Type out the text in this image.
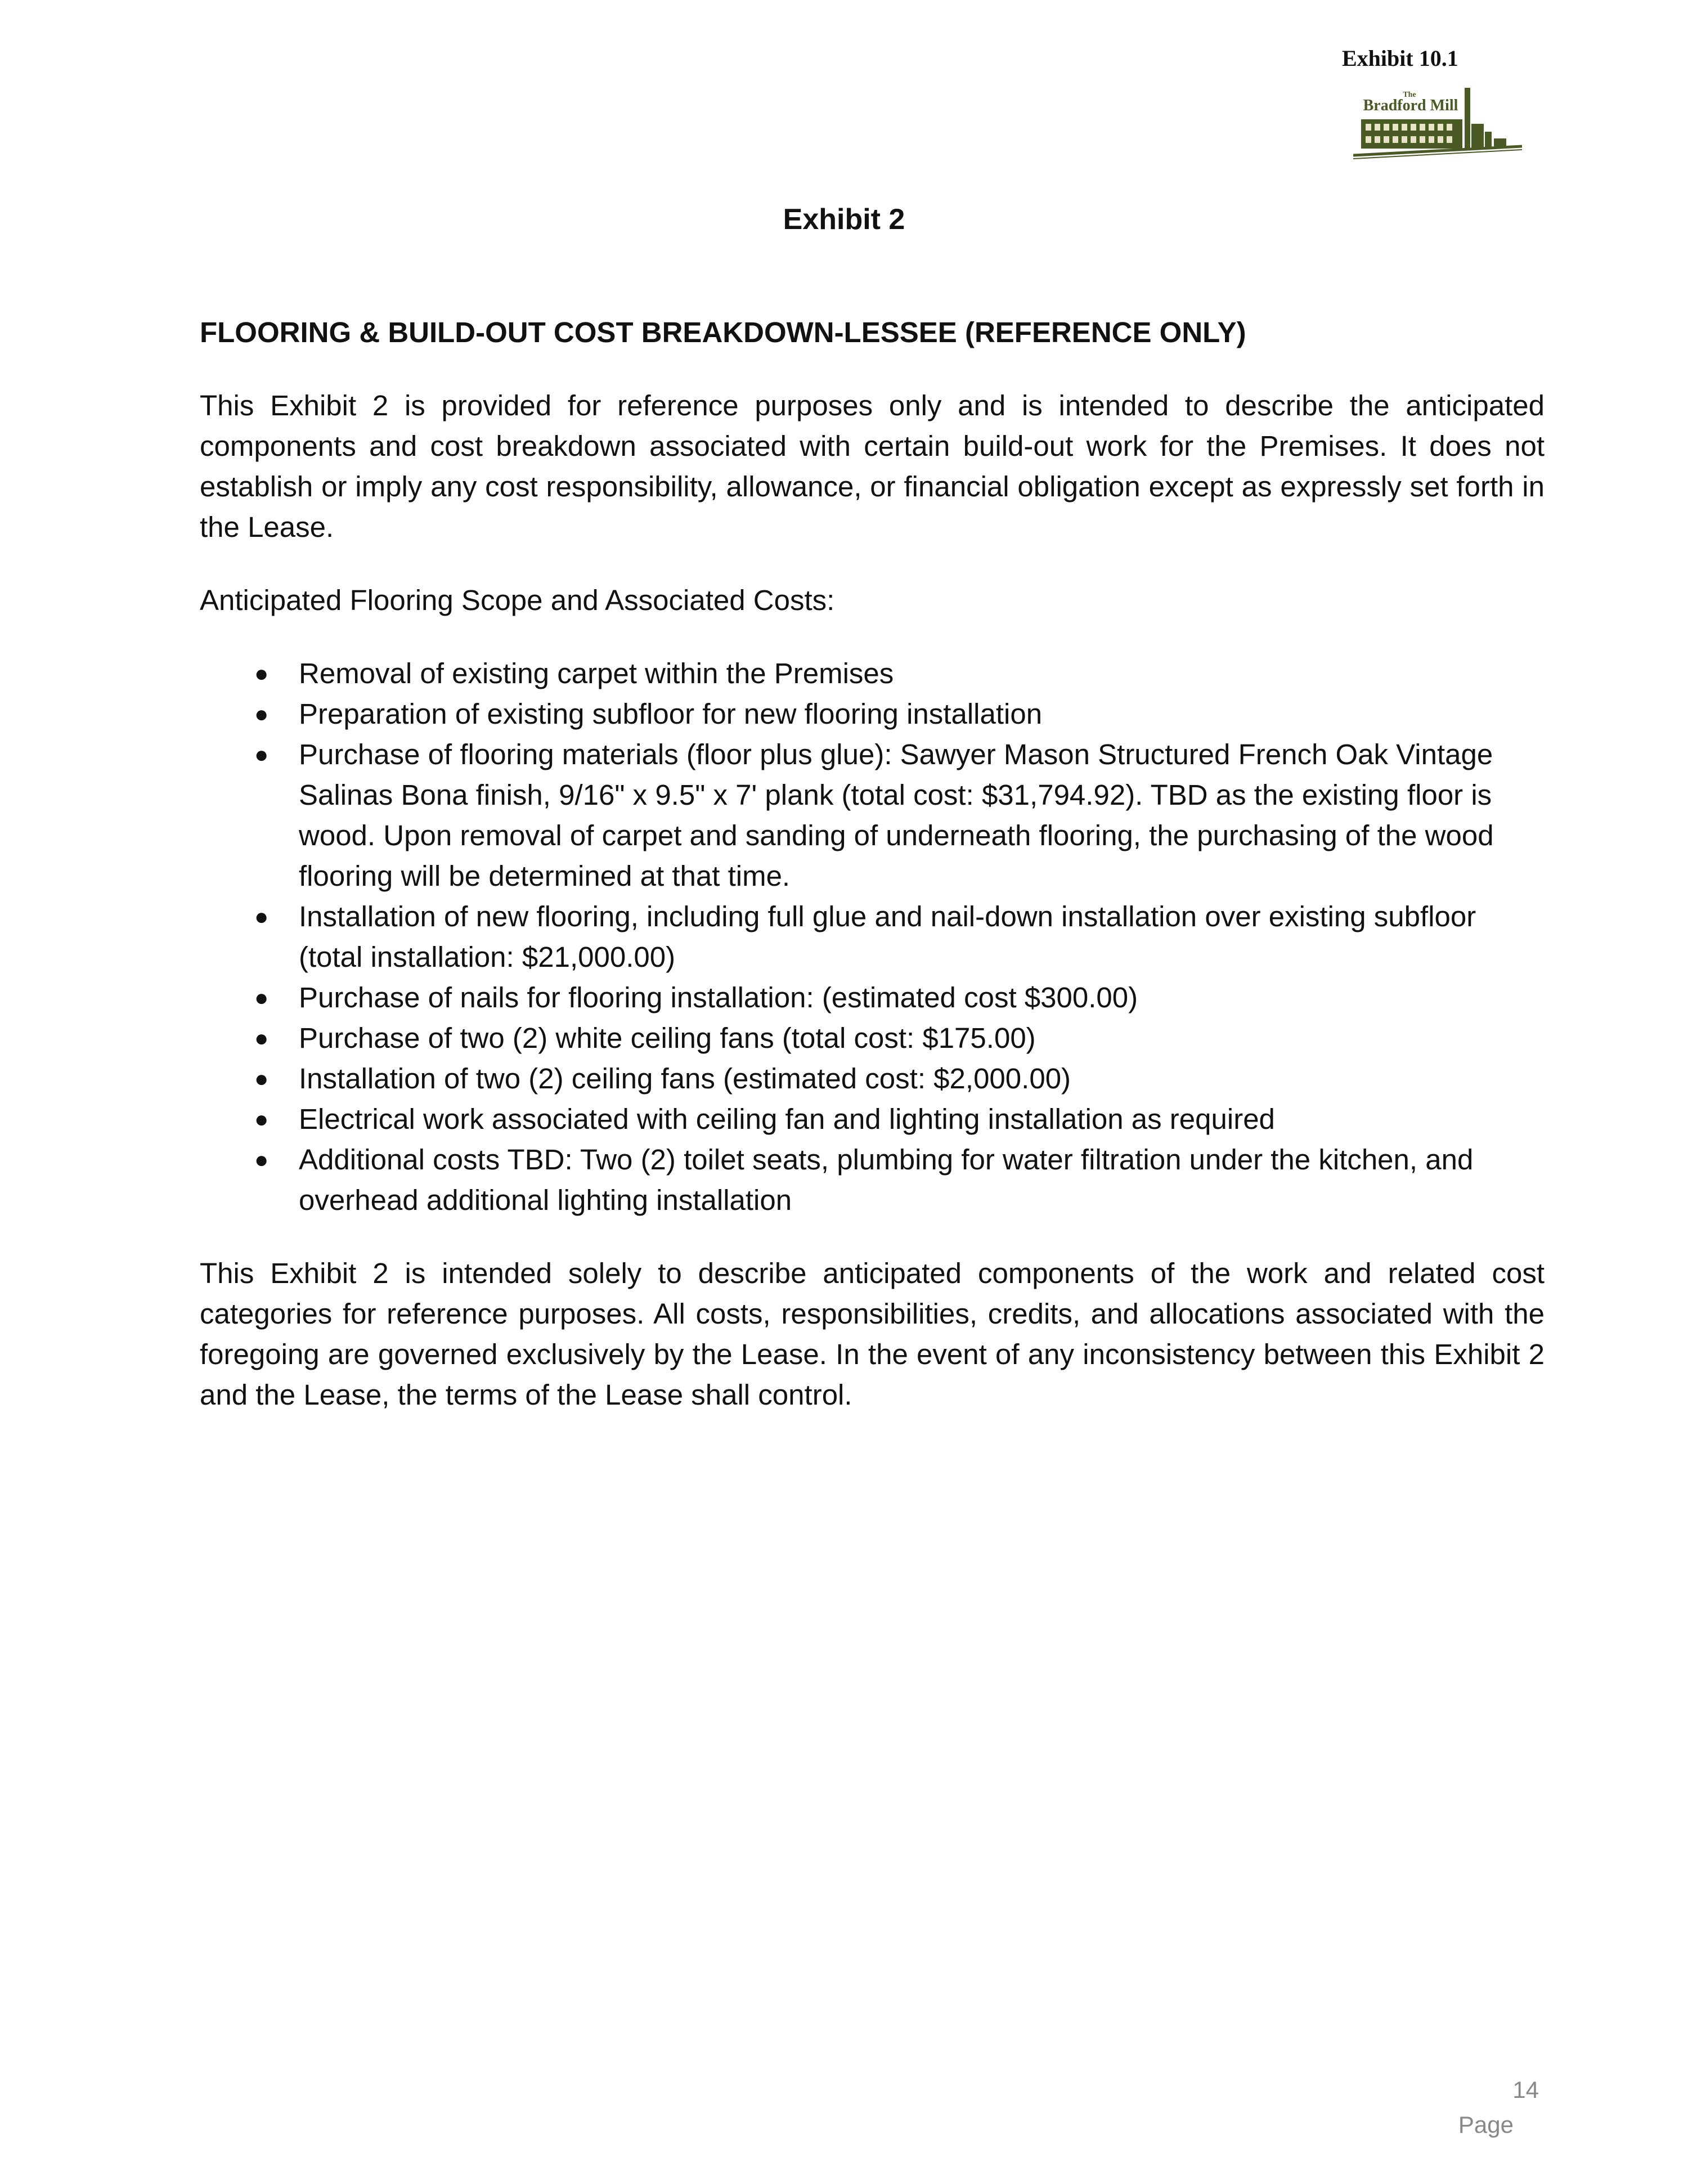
Exhibit 10.1
The
Bradford Mill
Exhibit 2

FLOORING & BUILD-OUT COST BREAKDOWN-LESSEE (REFERENCE ONLY)

This Exhibit 2 is provided for reference purposes only and is intended to describe the anticipated components and cost breakdown associated with certain build-out work for the Premises. It does not establish or imply any cost responsibility, allowance, or financial obligation except as expressly set forth in the Lease.

Anticipated Flooring Scope and Associated Costs:

● Removal of existing carpet within the Premises
● Preparation of existing subfloor for new flooring installation
● Purchase of flooring materials (floor plus glue): Sawyer Mason Structured French Oak Vintage Salinas Bona finish, 9/16" x 9.5" x 7' plank (total cost: $31,794.92). TBD as the existing floor is wood. Upon removal of carpet and sanding of underneath flooring, the purchasing of the wood flooring will be determined at that time.
● Installation of new flooring, including full glue and nail-down installation over existing subfloor (total installation: $21,000.00)
● Purchase of nails for flooring installation: (estimated cost $300.00)
● Purchase of two (2) white ceiling fans (total cost: $175.00)
● Installation of two (2) ceiling fans (estimated cost: $2,000.00)
● Electrical work associated with ceiling fan and lighting installation as required
● Additional costs TBD: Two (2) toilet seats, plumbing for water filtration under the kitchen, and overhead additional lighting installation

This Exhibit 2 is intended solely to describe anticipated components of the work and related cost categories for reference purposes. All costs, responsibilities, credits, and allocations associated with the foregoing are governed exclusively by the Lease. In the event of any inconsistency between this Exhibit 2 and the Lease, the terms of the Lease shall control.

14
Page
